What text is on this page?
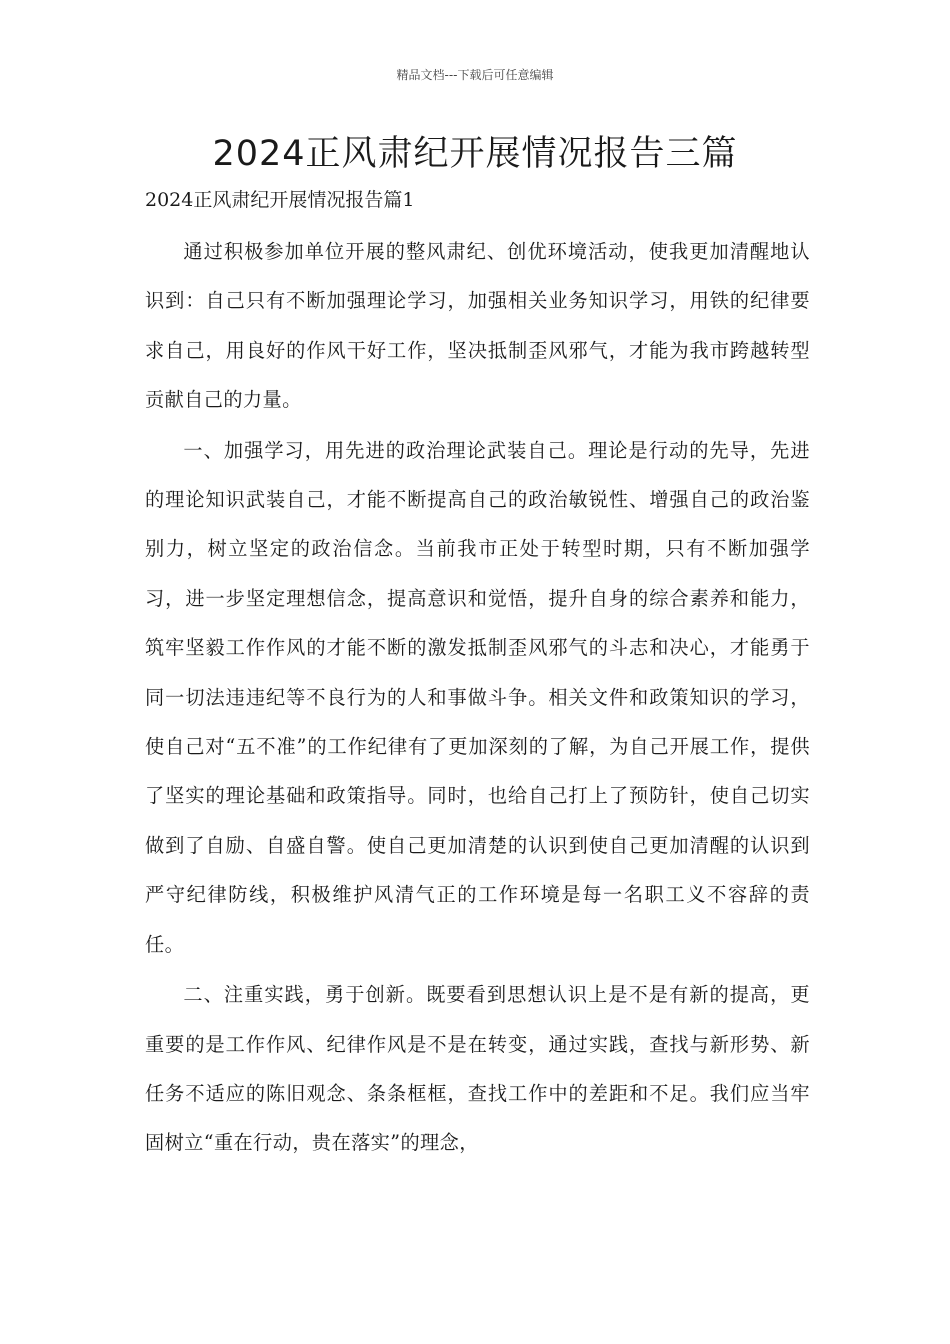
精品文档---下载后可任意编辑
2024正风肃纪开展情况报告三篇
2024正风肃纪开展情况报告篇1

通过积极参加单位开展的整风肃纪、创优环境活动，使我更加清醒地认识到：自己只有不断加强理论学习，加强相关业务知识学习，用铁的纪律要求自己，用良好的作风干好工作，坚决抵制歪风邪气，才能为我市跨越转型贡献自己的力量。

一、加强学习，用先进的政治理论武装自己。理论是行动的先导，先进的理论知识武装自己，才能不断提高自己的政治敏锐性、增强自己的政治鉴别力，树立坚定的政治信念。当前我市正处于转型时期，只有不断加强学习，进一步坚定理想信念，提高意识和觉悟，提升自身的综合素养和能力，筑牢坚毅工作作风的才能不断的激发抵制歪风邪气的斗志和决心，才能勇于同一切法违违纪等不良行为的人和事做斗争。相关文件和政策知识的学习，使自己对“五不准”的工作纪律有了更加深刻的了解，为自己开展工作，提供了坚实的理论基础和政策指导。同时，也给自己打上了预防针，使自己切实做到了自励、自盛自警。使自己更加清楚的认识到使自己更加清醒的认识到严守纪律防线，积极维护风清气正的工作环境是每一名职工义不容辞的责任。

二、注重实践，勇于创新。既要看到思想认识上是不是有新的提高，更重要的是工作作风、纪律作风是不是在转变，通过实践，查找与新形势、新任务不适应的陈旧观念、条条框框，查找工作中的差距和不足。我们应当牢固树立“重在行动，贵在落实”的理念，
